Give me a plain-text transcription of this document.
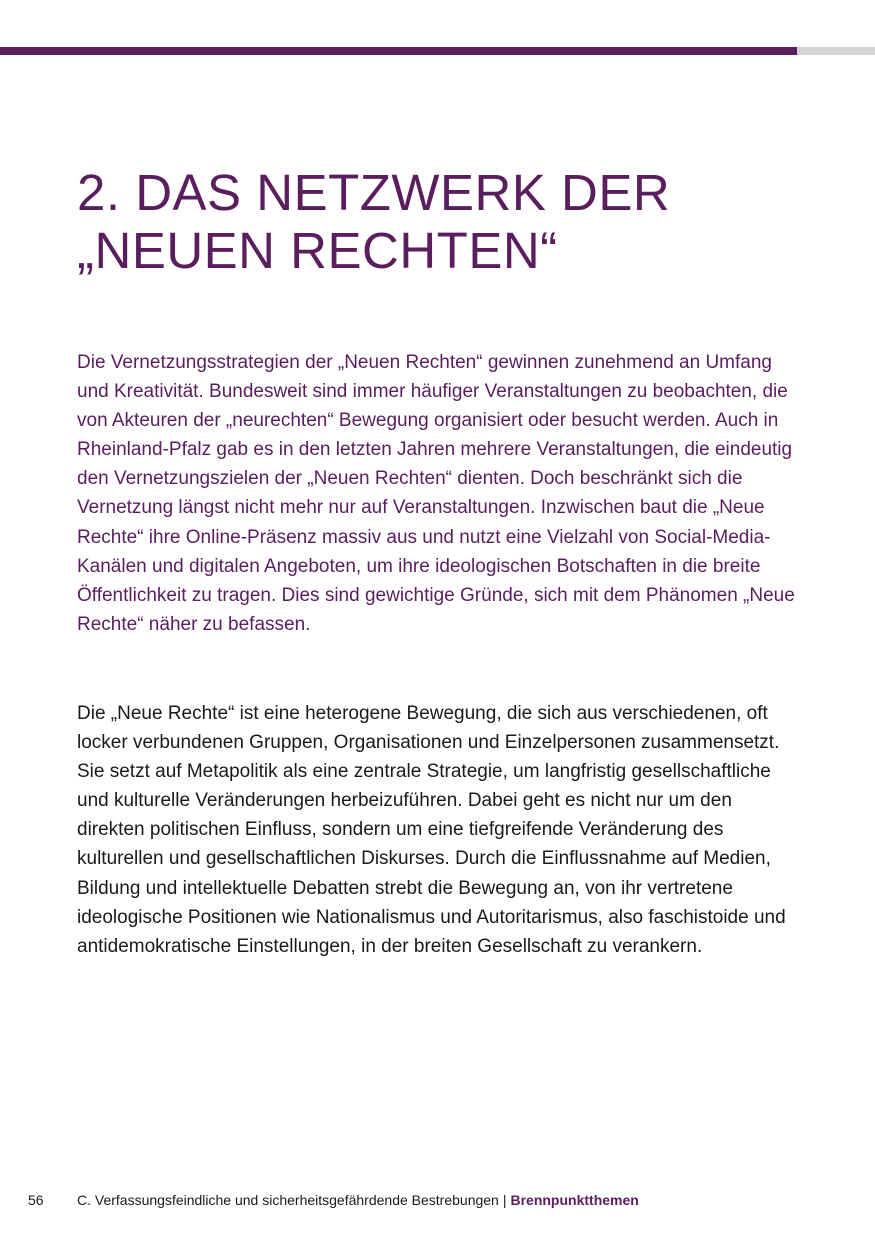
2. DAS NETZWERK DER
„NEUEN RECHTEN“

Die Vernetzungsstrategien der „Neuen Rechten“ gewinnen zunehmend an Umfang und Kreativität. Bundesweit sind immer häufiger Veranstaltungen zu beobachten, die von Akteuren der „neurechten“ Bewegung organisiert oder besucht werden. Auch in Rheinland-Pfalz gab es in den letzten Jahren mehrere Veranstaltungen, die eindeutig den Vernetzungszielen der „Neuen Rechten“ dienten. Doch beschränkt sich die Vernetzung längst nicht mehr nur auf Veranstaltungen. Inzwischen baut die „Neue Rechte“ ihre Online-Präsenz massiv aus und nutzt eine Vielzahl von Social-Media-Kanälen und digitalen Angeboten, um ihre ideologischen Botschaften in die breite Öffentlichkeit zu tragen. Dies sind gewichtige Gründe, sich mit dem Phänomen „Neue Rechte“ näher zu befassen.

Die „Neue Rechte“ ist eine heterogene Bewegung, die sich aus verschiedenen, oft locker verbundenen Gruppen, Organisationen und Einzelpersonen zusammensetzt. Sie setzt auf Metapolitik als eine zentrale Strategie, um langfristig gesellschaftliche und kulturelle Veränderungen herbeizuführen. Dabei geht es nicht nur um den direkten politischen Einfluss, sondern um eine tiefgreifende Veränderung des kulturellen und gesellschaftlichen Diskurses. Durch die Einflussnahme auf Medien, Bildung und intellektuelle Debatten strebt die Bewegung an, von ihr vertretene ideologische Positionen wie Nationalismus und Autoritarismus, also faschistoide und antidemokratische Einstellungen, in der breiten Gesellschaft zu verankern.

56 C. Verfassungsfeindliche und sicherheitsgefährdende Bestrebungen | Brennpunktthemen
